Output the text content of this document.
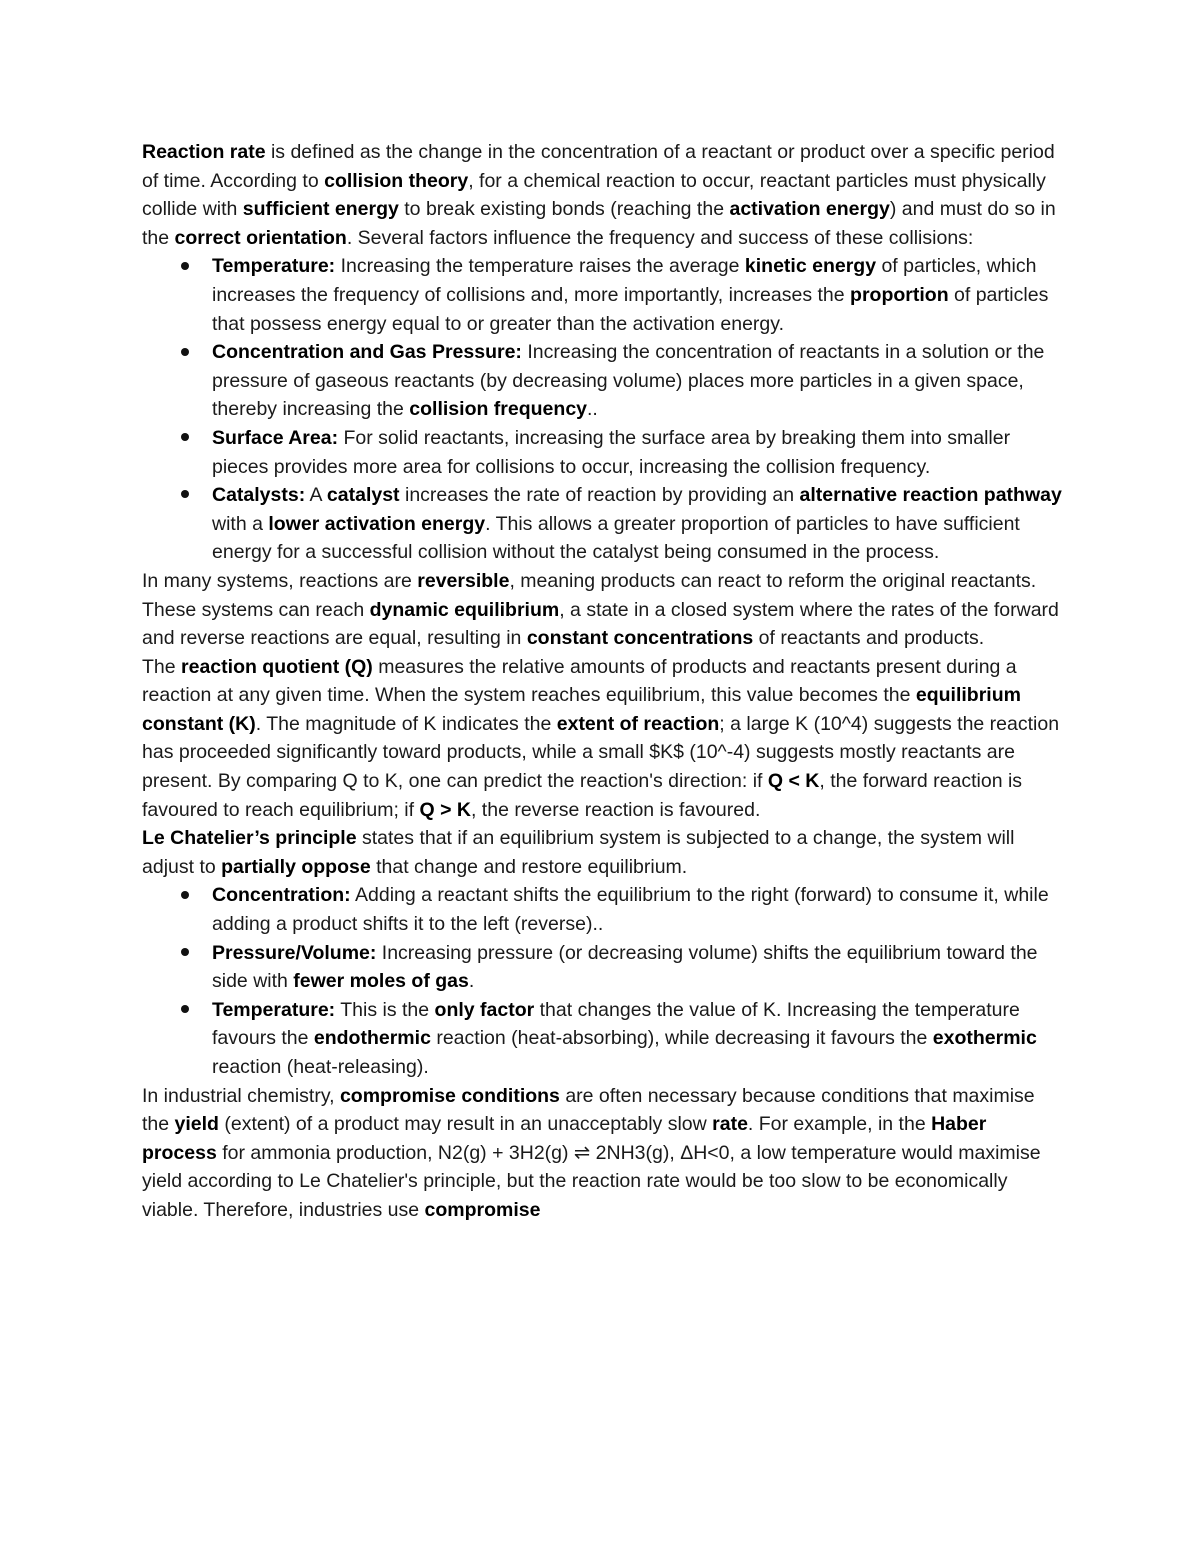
Reaction rate is defined as the change in the concentration of a reactant or product over a specific period of time. According to collision theory, for a chemical reaction to occur, reactant particles must physically collide with sufficient energy to break existing bonds (reaching the activation energy) and must do so in the correct orientation. Several factors influence the frequency and success of these collisions:

Temperature: Increasing the temperature raises the average kinetic energy of particles, which increases the frequency of collisions and, more importantly, increases the proportion of particles that possess energy equal to or greater than the activation energy.
Concentration and Gas Pressure: Increasing the concentration of reactants in a solution or the pressure of gaseous reactants (by decreasing volume) places more particles in a given space, thereby increasing the collision frequency..
Surface Area: For solid reactants, increasing the surface area by breaking them into smaller pieces provides more area for collisions to occur, increasing the collision frequency.
Catalysts: A catalyst increases the rate of reaction by providing an alternative reaction pathway with a lower activation energy. This allows a greater proportion of particles to have sufficient energy for a successful collision without the catalyst being consumed in the process.

In many systems, reactions are reversible, meaning products can react to reform the original reactants. These systems can reach dynamic equilibrium, a state in a closed system where the rates of the forward and reverse reactions are equal, resulting in constant concentrations of reactants and products.

The reaction quotient (Q) measures the relative amounts of products and reactants present during a reaction at any given time. When the system reaches equilibrium, this value becomes the equilibrium constant (K). The magnitude of K indicates the extent of reaction; a large K (10^4) suggests the reaction has proceeded significantly toward products, while a small $K$ (10^-4) suggests mostly reactants are present. By comparing Q to K, one can predict the reaction's direction: if Q < K, the forward reaction is favoured to reach equilibrium; if Q > K, the reverse reaction is favoured.

Le Chatelier’s principle states that if an equilibrium system is subjected to a change, the system will adjust to partially oppose that change and restore equilibrium.

Concentration: Adding a reactant shifts the equilibrium to the right (forward) to consume it, while adding a product shifts it to the left (reverse)..
Pressure/Volume: Increasing pressure (or decreasing volume) shifts the equilibrium toward the side with fewer moles of gas.
Temperature: This is the only factor that changes the value of K. Increasing the temperature favours the endothermic reaction (heat-absorbing), while decreasing it favours the exothermic reaction (heat-releasing).

In industrial chemistry, compromise conditions are often necessary because conditions that maximise the yield (extent) of a product may result in an unacceptably slow rate. For example, in the Haber process for ammonia production, N2(g) + 3H2(g) ⇌ 2NH3(g), ΔH<0, a low temperature would maximise yield according to Le Chatelier's principle, but the reaction rate would be too slow to be economically viable. Therefore, industries use compromise
